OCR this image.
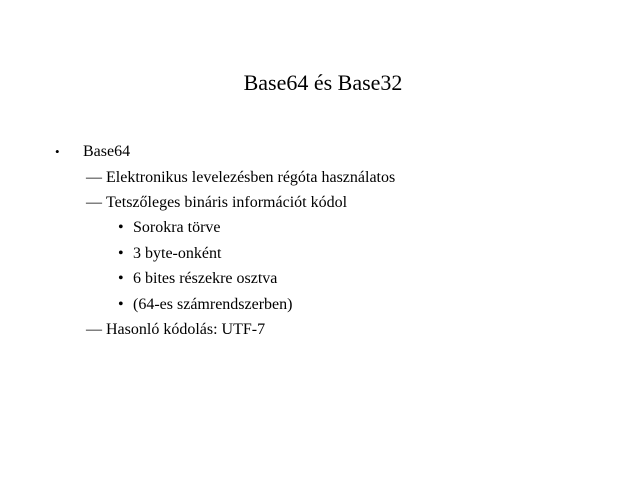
Base64 és Base32
• Base64
— Elektronikus levelezésben régóta használatos
— Tetszőleges bináris információt kódol
• Sorokra törve
• 3 byte-onként
• 6 bites részekre osztva
• (64-es számrendszerben)
— Hasonló kódolás: UTF-7
